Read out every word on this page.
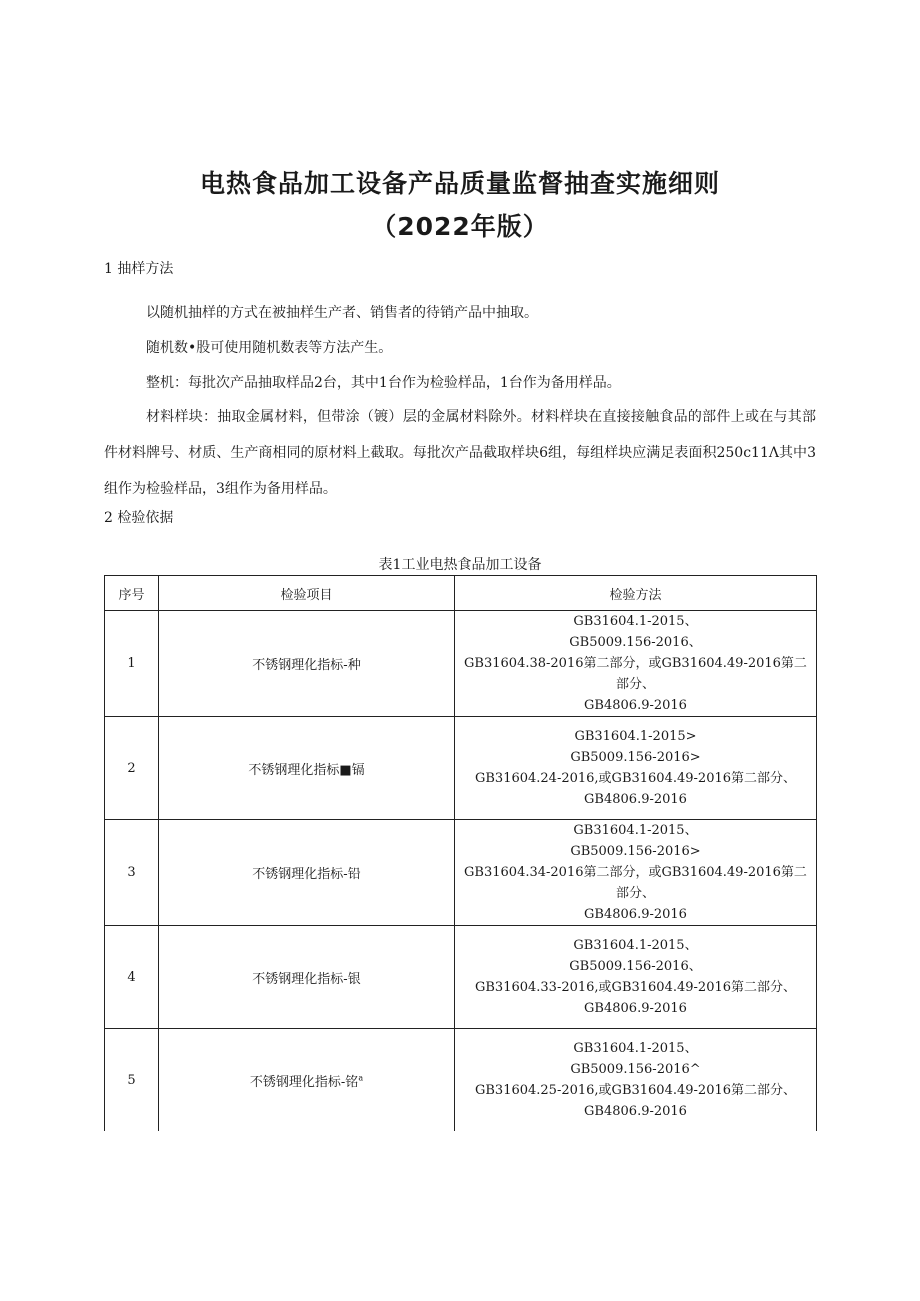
电热食品加工设备产品质量监督抽查实施细则
（2022年版）

1 抽样方法

以随机抽样的方式在被抽样生产者、销售者的待销产品中抽取。

随机数•股可使用随机数表等方法产生。

整机：每批次产品抽取样品2台，其中1台作为检验样品，1台作为备用样品。

材料样块：抽取金属材料，但带涂（镀）层的金属材料除外。材料样块在直接接触食品的部件上或在与其部件材料牌号、材质、生产商相同的原材料上截取。每批次产品截取样块6组，每组样块应满足表面积250c11Λ其中3组作为检验样品，3组作为备用样品。

2 检验依据

表1工业电热食品加工设备
序号	检验项目	检验方法
1	不锈钢理化指标-种	GB31604.1-2015、
GB5009.156-2016、
GB31604.38-2016第二部分，或GB31604.49-2016第二部分、
GB4806.9-2016

2	不锈钢理化指标■镉	GB31604.1-2015>
GB5009.156-2016>
GB31604.24-2016,或GB31604.49-2016第二部分、
GB4806.9-2016

3	不锈钢理化指标-铅	GB31604.1-2015、
GB5009.156-2016>
GB31604.34-2016第二部分，或GB31604.49-2016第二部分、
GB4806.9-2016

4	不锈钢理化指标-银	GB31604.1-2015、
GB5009.156-2016、
GB31604.33-2016,或GB31604.49-2016第二部分、
GB4806.9-2016

5	不锈钢理化指标-铭$^a$	GB31604.1-2015、
GB5009.156-2016^
GB31604.25-2016,或GB31604.49-2016第二部分、
GB4806.9-2016
